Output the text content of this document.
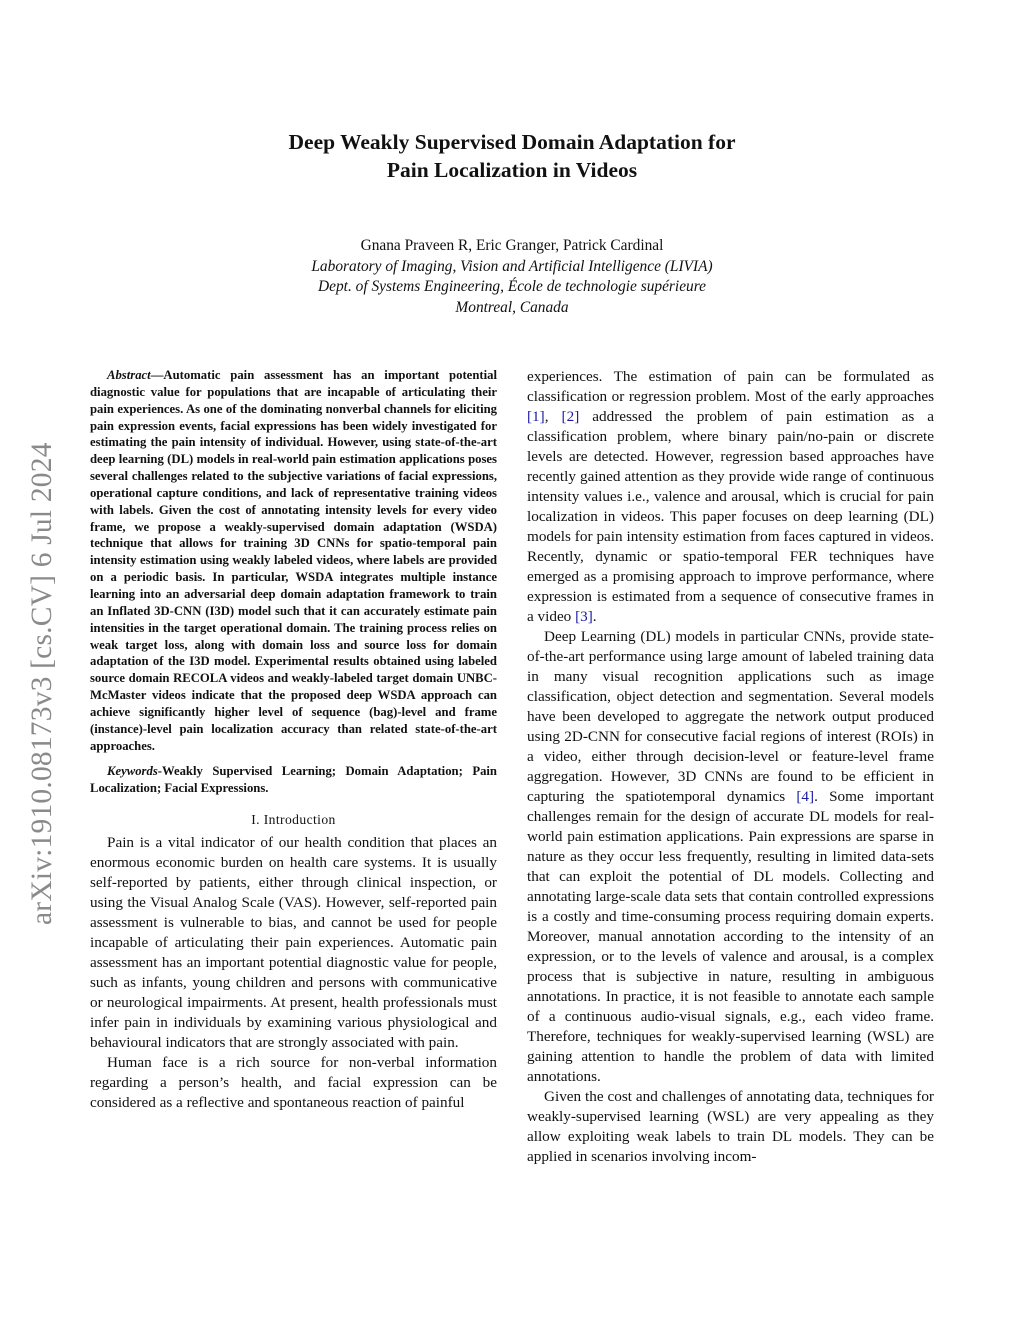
arXiv:1910.08173v3 [cs.CV] 6 Jul 2024
Deep Weakly Supervised Domain Adaptation for
Pain Localization in Videos
Gnana Praveen R, Eric Granger, Patrick Cardinal
Laboratory of Imaging, Vision and Artificial Intelligence (LIVIA)
Dept. of Systems Engineering, École de technologie supérieure
Montreal, Canada

Abstract—Automatic pain assessment has an important potential diagnostic value for populations that are incapable of articulating their pain experiences. As one of the dominating nonverbal channels for eliciting pain expression events, facial expressions has been widely investigated for estimating the pain intensity of individual. However, using state-of-the-art deep learning (DL) models in real-world pain estimation applications poses several challenges related to the subjective variations of facial expressions, operational capture conditions, and lack of representative training videos with labels. Given the cost of annotating intensity levels for every video frame, we propose a weakly-supervised domain adaptation (WSDA) technique that allows for training 3D CNNs for spatio-temporal pain intensity estimation using weakly labeled videos, where labels are provided on a periodic basis. In particular, WSDA integrates multiple instance learning into an adversarial deep domain adaptation framework to train an Inflated 3D-CNN (I3D) model such that it can accurately estimate pain intensities in the target operational domain. The training process relies on weak target loss, along with domain loss and source loss for domain adaptation of the I3D model. Experimental results obtained using labeled source domain RECOLA videos and weakly-labeled target domain UNBC-McMaster videos indicate that the proposed deep WSDA approach can achieve significantly higher level of sequence (bag)-level and frame (instance)-level pain localization accuracy than related state-of-the-art approaches.

Keywords-Weakly Supervised Learning; Domain Adaptation; Pain Localization; Facial Expressions.

I. Introduction

Pain is a vital indicator of our health condition that places an enormous economic burden on health care systems. It is usually self-reported by patients, either through clinical inspection, or using the Visual Analog Scale (VAS). However, self-reported pain assessment is vulnerable to bias, and cannot be used for people incapable of articulating their pain experiences. Automatic pain assessment has an important potential diagnostic value for people, such as infants, young children and persons with communicative or neurological impairments. At present, health professionals must infer pain in individuals by examining various physiological and behavioural indicators that are strongly associated with pain.

Human face is a rich source for non-verbal information regarding a person’s health, and facial expression can be considered as a reflective and spontaneous reaction of painful

experiences. The estimation of pain can be formulated as classification or regression problem. Most of the early approaches [1], [2] addressed the problem of pain estimation as a classification problem, where binary pain/no-pain or discrete levels are detected. However, regression based approaches have recently gained attention as they provide wide range of continuous intensity values i.e., valence and arousal, which is crucial for pain localization in videos. This paper focuses on deep learning (DL) models for pain intensity estimation from faces captured in videos. Recently, dynamic or spatio-temporal FER techniques have emerged as a promising approach to improve performance, where expression is estimated from a sequence of consecutive frames in a video [3].

Deep Learning (DL) models in particular CNNs, provide state-of-the-art performance using large amount of labeled training data in many visual recognition applications such as image classification, object detection and segmentation. Several models have been developed to aggregate the network output produced using 2D-CNN for consecutive facial regions of interest (ROIs) in a video, either through decision-level or feature-level frame aggregation. However, 3D CNNs are found to be efficient in capturing the spatiotemporal dynamics [4]. Some important challenges remain for the design of accurate DL models for real-world pain estimation applications. Pain expressions are sparse in nature as they occur less frequently, resulting in limited data-sets that can exploit the potential of DL models. Collecting and annotating large-scale data sets that contain controlled expressions is a costly and time-consuming process requiring domain experts. Moreover, manual annotation according to the intensity of an expression, or to the levels of valence and arousal, is a complex process that is subjective in nature, resulting in ambiguous annotations. In practice, it is not feasible to annotate each sample of a continuous audio-visual signals, e.g., each video frame. Therefore, techniques for weakly-supervised learning (WSL) are gaining attention to handle the problem of data with limited annotations.

Given the cost and challenges of annotating data, techniques for weakly-supervised learning (WSL) are very appealing as they allow exploiting weak labels to train DL models. They can be applied in scenarios involving incom-
